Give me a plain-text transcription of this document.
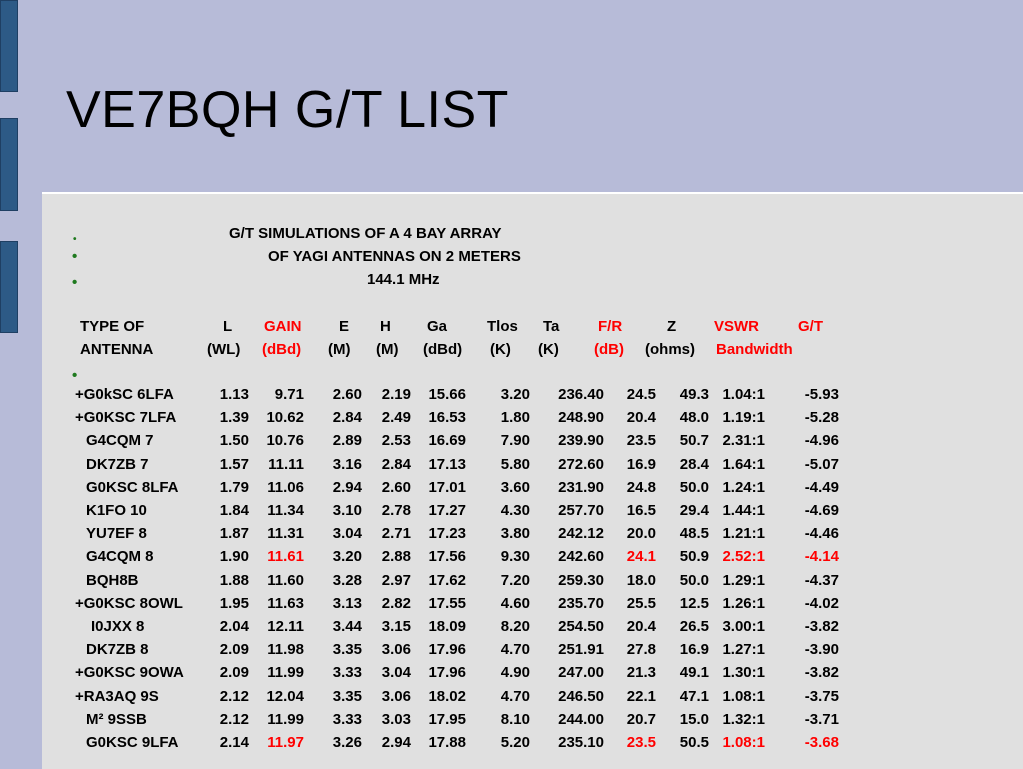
VE7BQH G/T LIST
•	G/T SIMULATIONS OF A 4 BAY ARRAY
•	OF YAGI ANTENNAS ON 2 METERS
•	144.1 MHz
TYPE OF	L GAIN	E H Ga	Tlos Ta	F/R	Z	VSWR	G/T
ANTENNA	(WL) (dBd) (M) (M) (dBd) (K) (K) (dB) (ohms) Bandwidth
•
+G0kSC 6LFA	1.13 9.71 2.60 2.19 15.66 3.20 236.40 24.5 49.3 1.04:1	-5.93
+G0KSC 7LFA	1.39 10.62 2.84 2.49 16.53 1.80 248.90 20.4 48.0 1.19:1	-5.28
G4CQM 7	1.50 10.76 2.89 2.53 16.69 7.90 239.90 23.5 50.7 2.31:1	-4.96
DK7ZB 7	1.57 11.11 3.16 2.84 17.13 5.80 272.60 16.9 28.4 1.64:1	-5.07
G0KSC 8LFA	1.79 11.06 2.94 2.60 17.01 3.60 231.90 24.8 50.0 1.24:1	-4.49
K1FO 10	1.84 11.34 3.10 2.78 17.27 4.30 257.70 16.5 29.4 1.44:1	-4.69
YU7EF 8	1.87 11.31 3.04 2.71 17.23 3.80 242.12 20.0 48.5 1.21:1	-4.46
G4CQM 8	1.90 11.61 3.20 2.88 17.56 9.30 242.60 24.1 50.9 2.52:1	-4.14
BQH8B	1.88 11.60 3.28 2.97 17.62 7.20 259.30 18.0 50.0 1.29:1	-4.37
+G0KSC 8OWL 1.95 11.63 3.13 2.82 17.55 4.60 235.70 25.5 12.5 1.26:1	-4.02
I0JXX 8	2.04 12.11 3.44 3.15 18.09 8.20 254.50 20.4 26.5 3.00:1	-3.82
DK7ZB 8	2.09 11.98 3.35 3.06 17.96 4.70 251.91 27.8 16.9 1.27:1	-3.90
+G0KSC 9OWA 2.09 11.99 3.33 3.04 17.96 4.90 247.00 21.3 49.1 1.30:1	-3.82
+RA3AQ 9S	2.12 12.04 3.35 3.06 18.02 4.70 246.50 22.1 47.1 1.08:1	-3.75
M² 9SSB	2.12 11.99 3.33 3.03 17.95 8.10 244.00 20.7 15.0 1.32:1	-3.71
G0KSC 9LFA	2.14 11.97 3.26 2.94 17.88 5.20 235.10 23.5 50.5 1.08:1	-3.68
